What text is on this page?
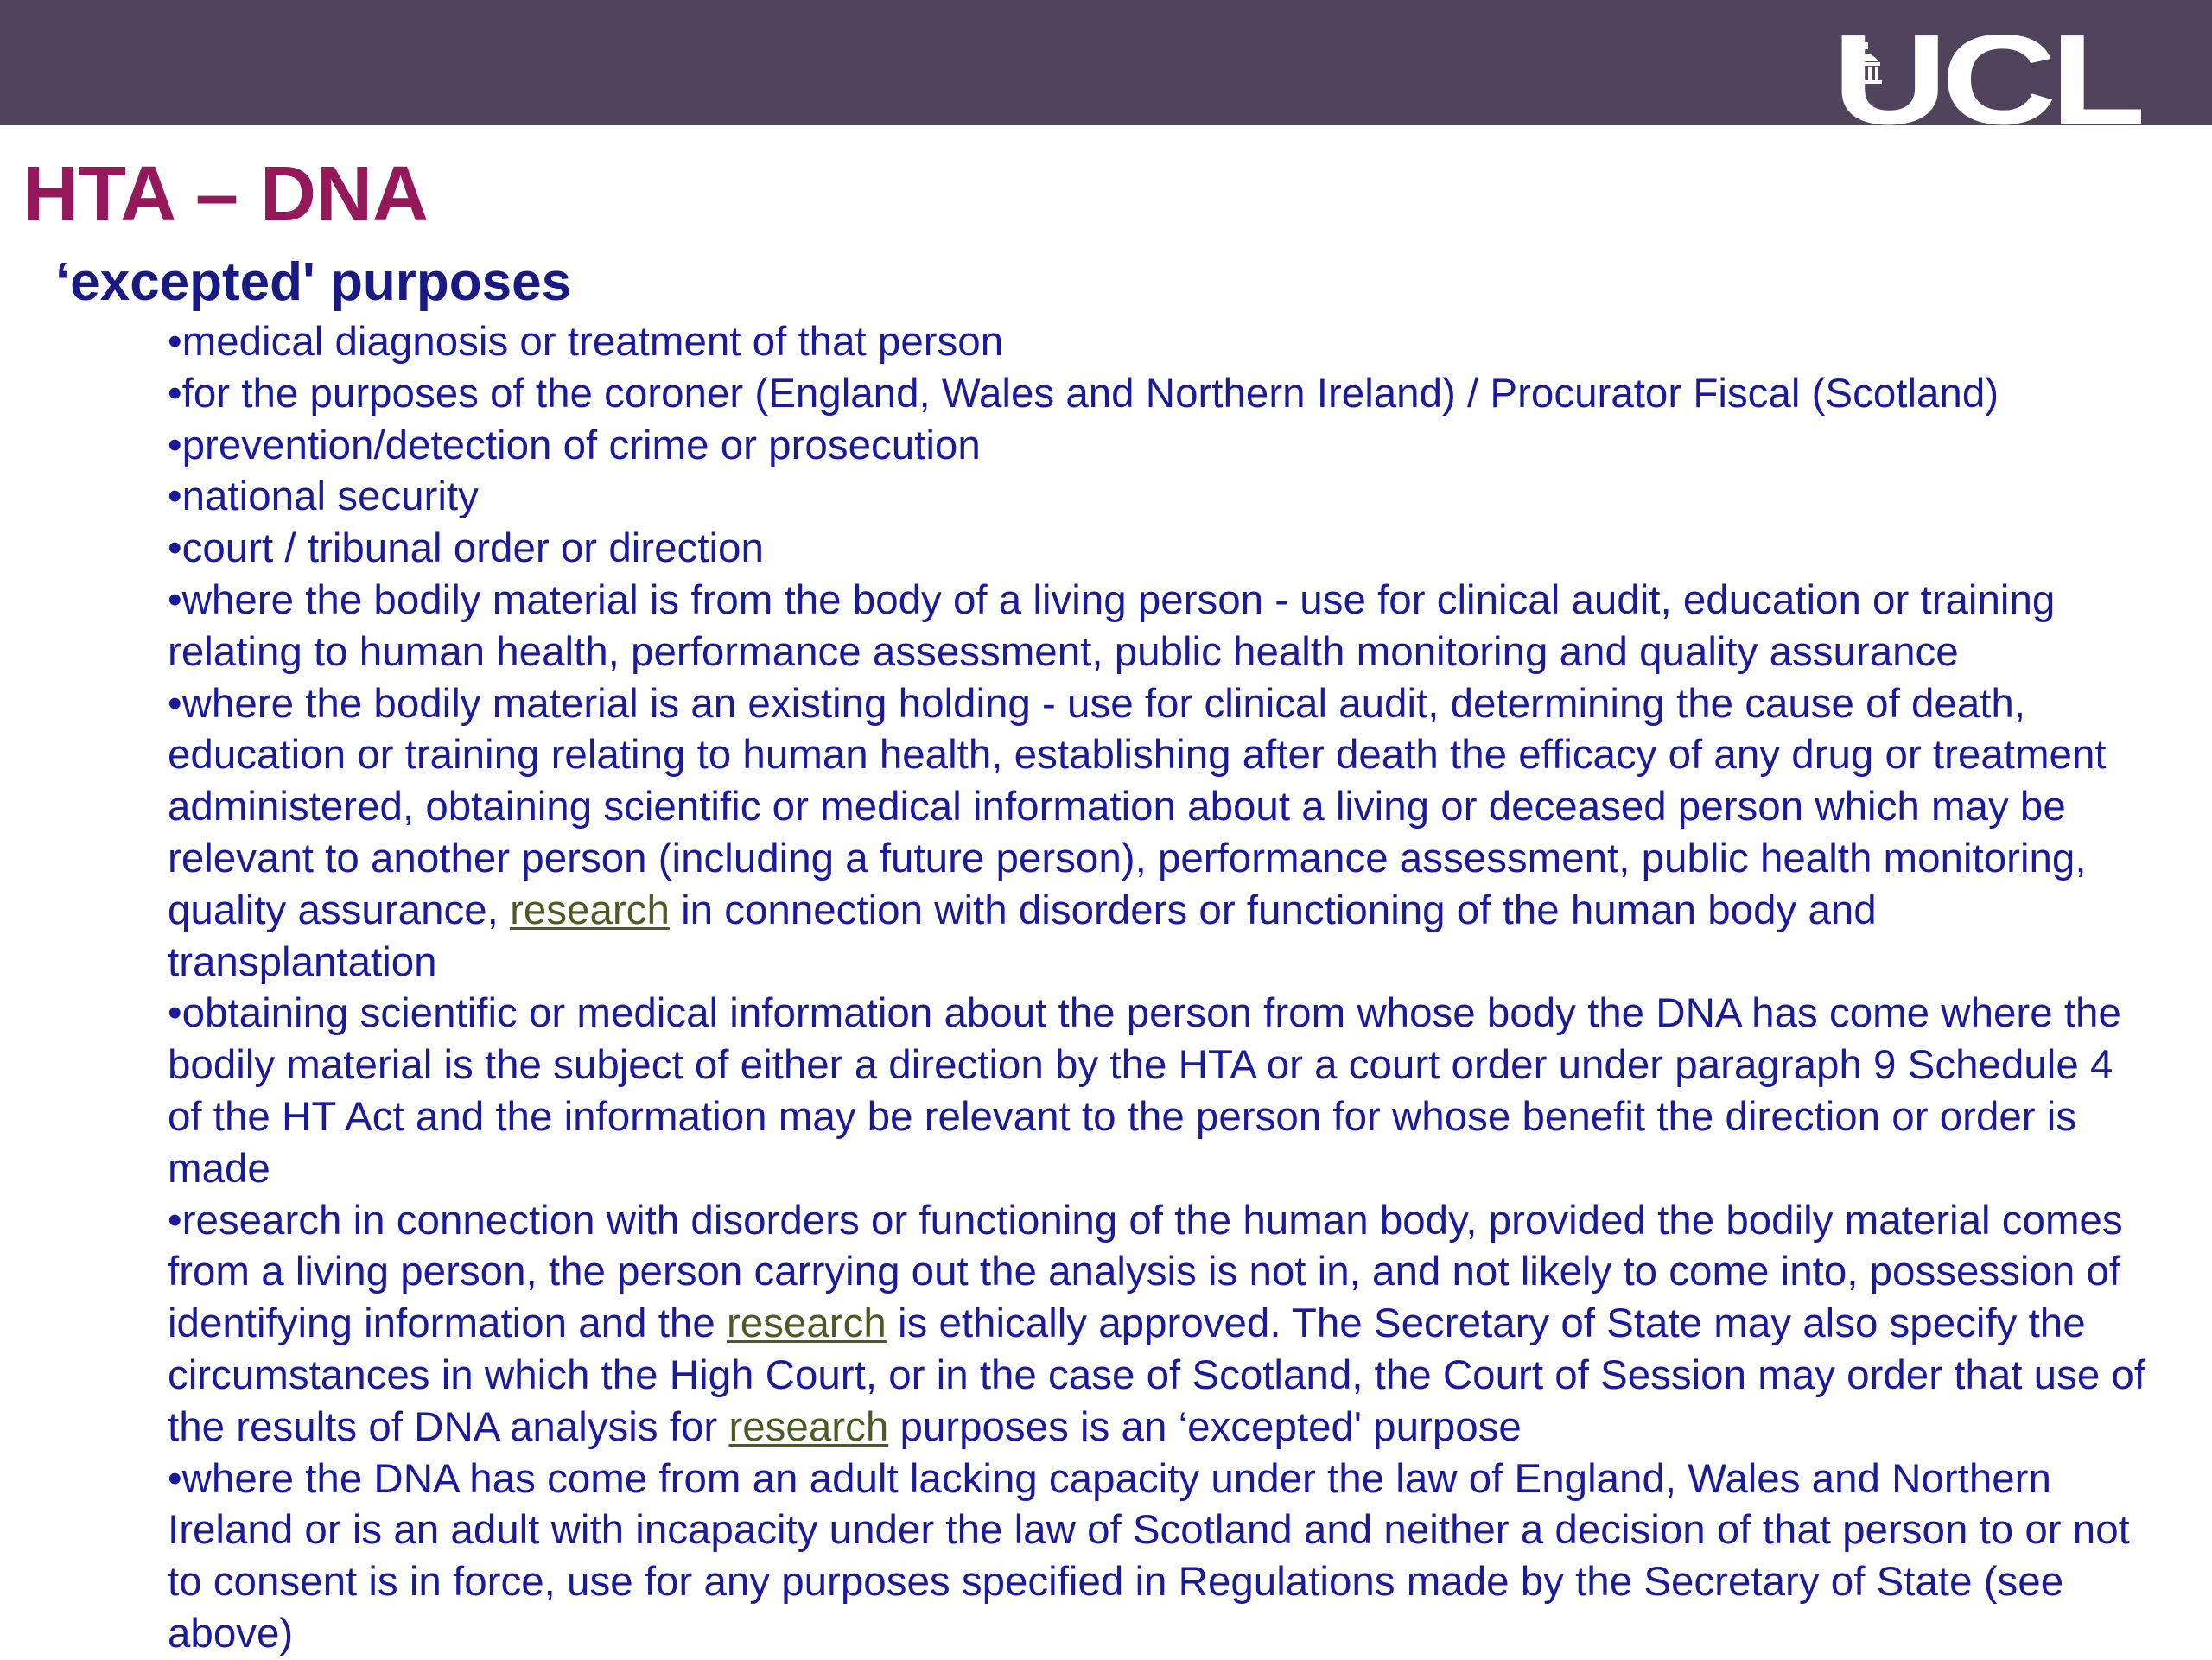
UCL
HTA – DNA
‘excepted' purposes

•medical diagnosis or treatment of that person

•for the purposes of the coroner (England, Wales and Northern Ireland) / Procurator Fiscal (Scotland)

•prevention/detection of crime or prosecution

•national security

•court / tribunal order or direction

•where the bodily material is from the body of a living person - use for clinical audit, education or training relating to human health, performance assessment, public health monitoring and quality assurance

•where the bodily material is an existing holding - use for clinical audit, determining the cause of death, education or training relating to human health, establishing after death the efficacy of any drug or treatment administered, obtaining scientific or medical information about a living or deceased person which may be relevant to another person (including a future person), performance assessment, public health monitoring, quality assurance, research in connection with disorders or functioning of the human body and transplantation

•obtaining scientific or medical information about the person from whose body the DNA has come where the bodily material is the subject of either a direction by the HTA or a court order under paragraph 9 Schedule 4 of the HT Act and the information may be relevant to the person for whose benefit the direction or order is made

•research in connection with disorders or functioning of the human body, provided the bodily material comes from a living person, the person carrying out the analysis is not in, and not likely to come into, possession of identifying information and the research is ethically approved. The Secretary of State may also specify the circumstances in which the High Court, or in the case of Scotland, the Court of Session may order that use of the results of DNA analysis for research purposes is an ‘excepted' purpose

•where the DNA has come from an adult lacking capacity under the law of England, Wales and Northern Ireland or is an adult with incapacity under the law of Scotland and neither a decision of that person to or not to consent is in force, use for any purposes specified in Regulations made by the Secretary of State (see above)
